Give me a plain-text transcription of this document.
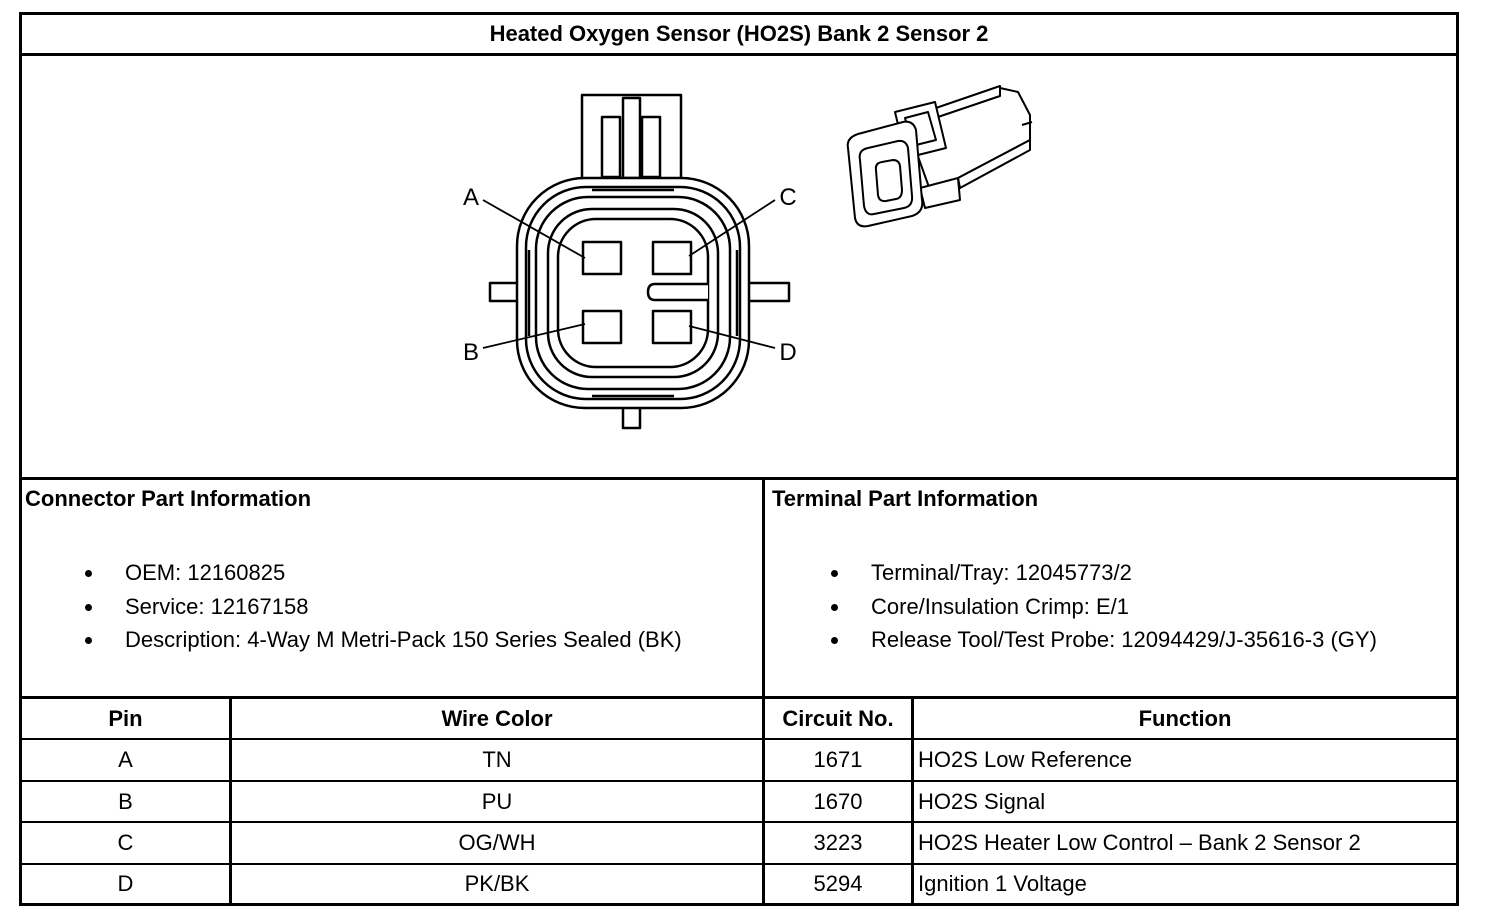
Heated Oxygen Sensor (HO2S) Bank 2 Sensor 2
A
B
C
D
Connector Part Information
OEM: 12160825
Service: 12167158
Description: 4-Way M Metri-Pack 150 Series Sealed (BK)
Terminal Part Information
Terminal/Tray: 12045773/2
Core/Insulation Crimp: E/1
Release Tool/Test Probe: 12094429/J-35616-3 (GY)
Pin	Wire Color	Circuit No.	Function
A	TN	1671	HO2S Low Reference
B	PU	1670	HO2S Signal
C	OG/WH	3223	HO2S Heater Low Control – Bank 2 Sensor 2
D	PK/BK	5294	Ignition 1 Voltage
